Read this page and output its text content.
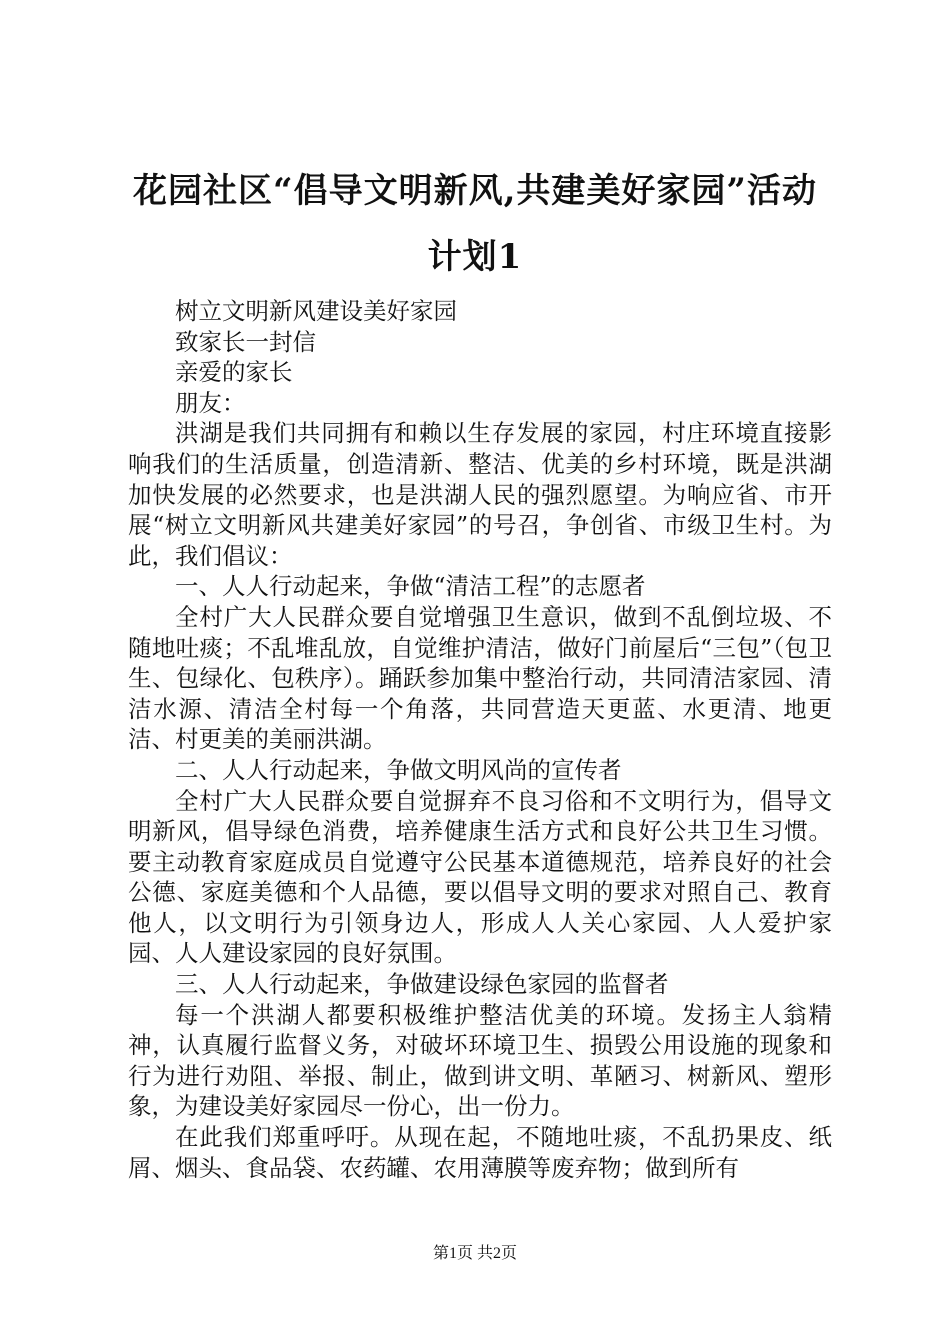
花园社区“倡导文明新风,共建美好家园”活动计划1

树立文明新风建设美好家园

致家长一封信

亲爱的家长

朋友：

洪湖是我们共同拥有和赖以生存发展的家园，村庄环境直接影响我们的生活质量，创造清新、整洁、优美的乡村环境，既是洪湖加快发展的必然要求，也是洪湖人民的强烈愿望。为响应省、市开展“树立文明新风共建美好家园”的号召，争创省、市级卫生村。为此，我们倡议：

一、人人行动起来，争做“清洁工程”的志愿者

全村广大人民群众要自觉增强卫生意识，做到不乱倒垃圾、不随地吐痰；不乱堆乱放，自觉维护清洁，做好门前屋后“三包”（包卫生、包绿化、包秩序）。踊跃参加集中整治行动，共同清洁家园、清洁水源、清洁全村每一个角落，共同营造天更蓝、水更清、地更洁、村更美的美丽洪湖。

二、人人行动起来，争做文明风尚的宣传者

全村广大人民群众要自觉摒弃不良习俗和不文明行为，倡导文明新风，倡导绿色消费，培养健康生活方式和良好公共卫生习惯。要主动教育家庭成员自觉遵守公民基本道德规范，培养良好的社会公德、家庭美德和个人品德，要以倡导文明的要求对照自己、教育他人，以文明行为引领身边人，形成人人关心家园、人人爱护家园、人人建设家园的良好氛围。

三、人人行动起来，争做建设绿色家园的监督者

每一个洪湖人都要积极维护整洁优美的环境。发扬主人翁精神，认真履行监督义务，对破坏环境卫生、损毁公用设施的现象和行为进行劝阻、举报、制止，做到讲文明、革陋习、树新风、塑形象，为建设美好家园尽一份心，出一份力。

在此我们郑重呼吁。从现在起，不随地吐痰，不乱扔果皮、纸屑、烟头、食品袋、农药罐、农用薄膜等废弃物；做到所有

第1页 共2页
